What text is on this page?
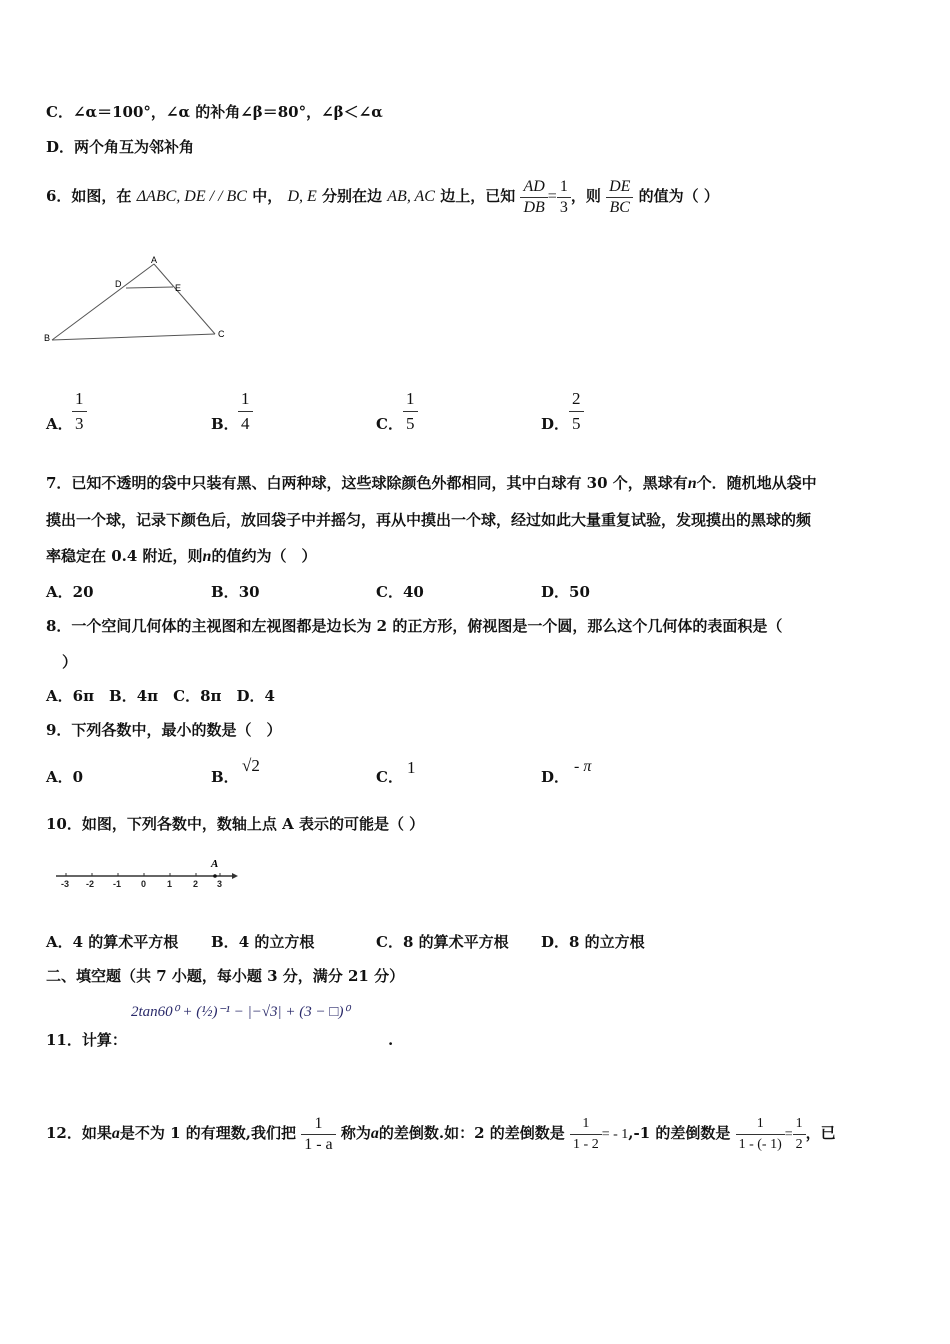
C．∠α＝100°，∠α 的补角∠β＝80°，∠β＜∠α
D．两个角互为邻补角
6．如图，在 ΔABC, DE / / BC 中， D, E 分别在边 AB, AC 边上，已知 $\frac{AD}{DB} = \frac{1}{3}$ ，则 $\frac{DE}{BC}$ 的值为（ ）
A
B	C
D	E
A． $\frac{1}{3}$	B． $\frac{1}{4}$	C． $\frac{1}{5}$	D． $\frac{2}{5}$
7．已知不透明的袋中只装有黑、白两种球，这些球除颜色外都相同，其中白球有 30 个，黑球有n个．随机地从袋中
摸出一个球，记录下颜色后，放回袋子中并摇匀，再从中摸出一个球，经过如此大量重复试验，发现摸出的黑球的频
率稳定在 0.4 附近，则n的值约为（　）
A．20	B．30	C．40	D．50
8．一个空间几何体的主视图和左视图都是边长为 2 的正方形，俯视图是一个圆，那么这个几何体的表面积是（
）
A．6π　B．4π　C．8π　D．4
9．下列各数中，最小的数是（　）
A．0	B．
√2
C． 1	D．
- π
10．如图，下列各数中，数轴上点 A 表示的可能是（ ）
-3 -2 -1 0 1 2 3
A
A．4 的算术平方根 B．4 的立方根	C．8 的算术平方根 D．8 的立方根
二、填空题（共 7 小题，每小题 3 分，满分 21 分）
2tan60⁰ + (½)⁻¹ − |−√3| + (3 − □)⁰
11．计算：	.
12．如果a是不为 1 的有理数,我们把 $\frac{1}{1 - a}$ 称为a的差倒数.如：2 的差倒数是 $\frac{1}{1 - 2}$ = - 1,-1 的差倒数是 $\frac{1}{1 - (- 1)} = \frac{1}{2}$ ，已
